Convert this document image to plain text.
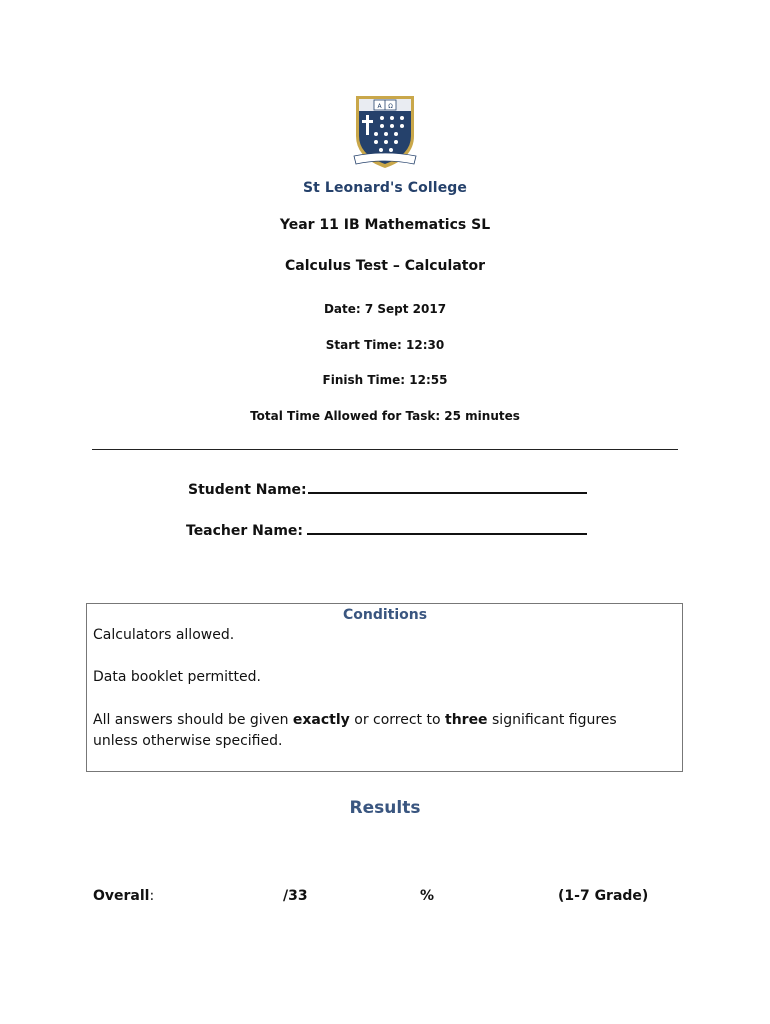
A Ω
St Leonard's College
Year 11 IB Mathematics SL
Calculus Test – Calculator
Date: 7 Sept 2017
Start Time: 12:30
Finish Time: 12:55
Total Time Allowed for Task: 25 minutes
Student Name:
Teacher Name:
Conditions
Calculators allowed.
Data booklet permitted.
All answers should be given exactly or correct to three significant figures unless otherwise specified.
Results
Overall:	/33	%	(1-7 Grade)
